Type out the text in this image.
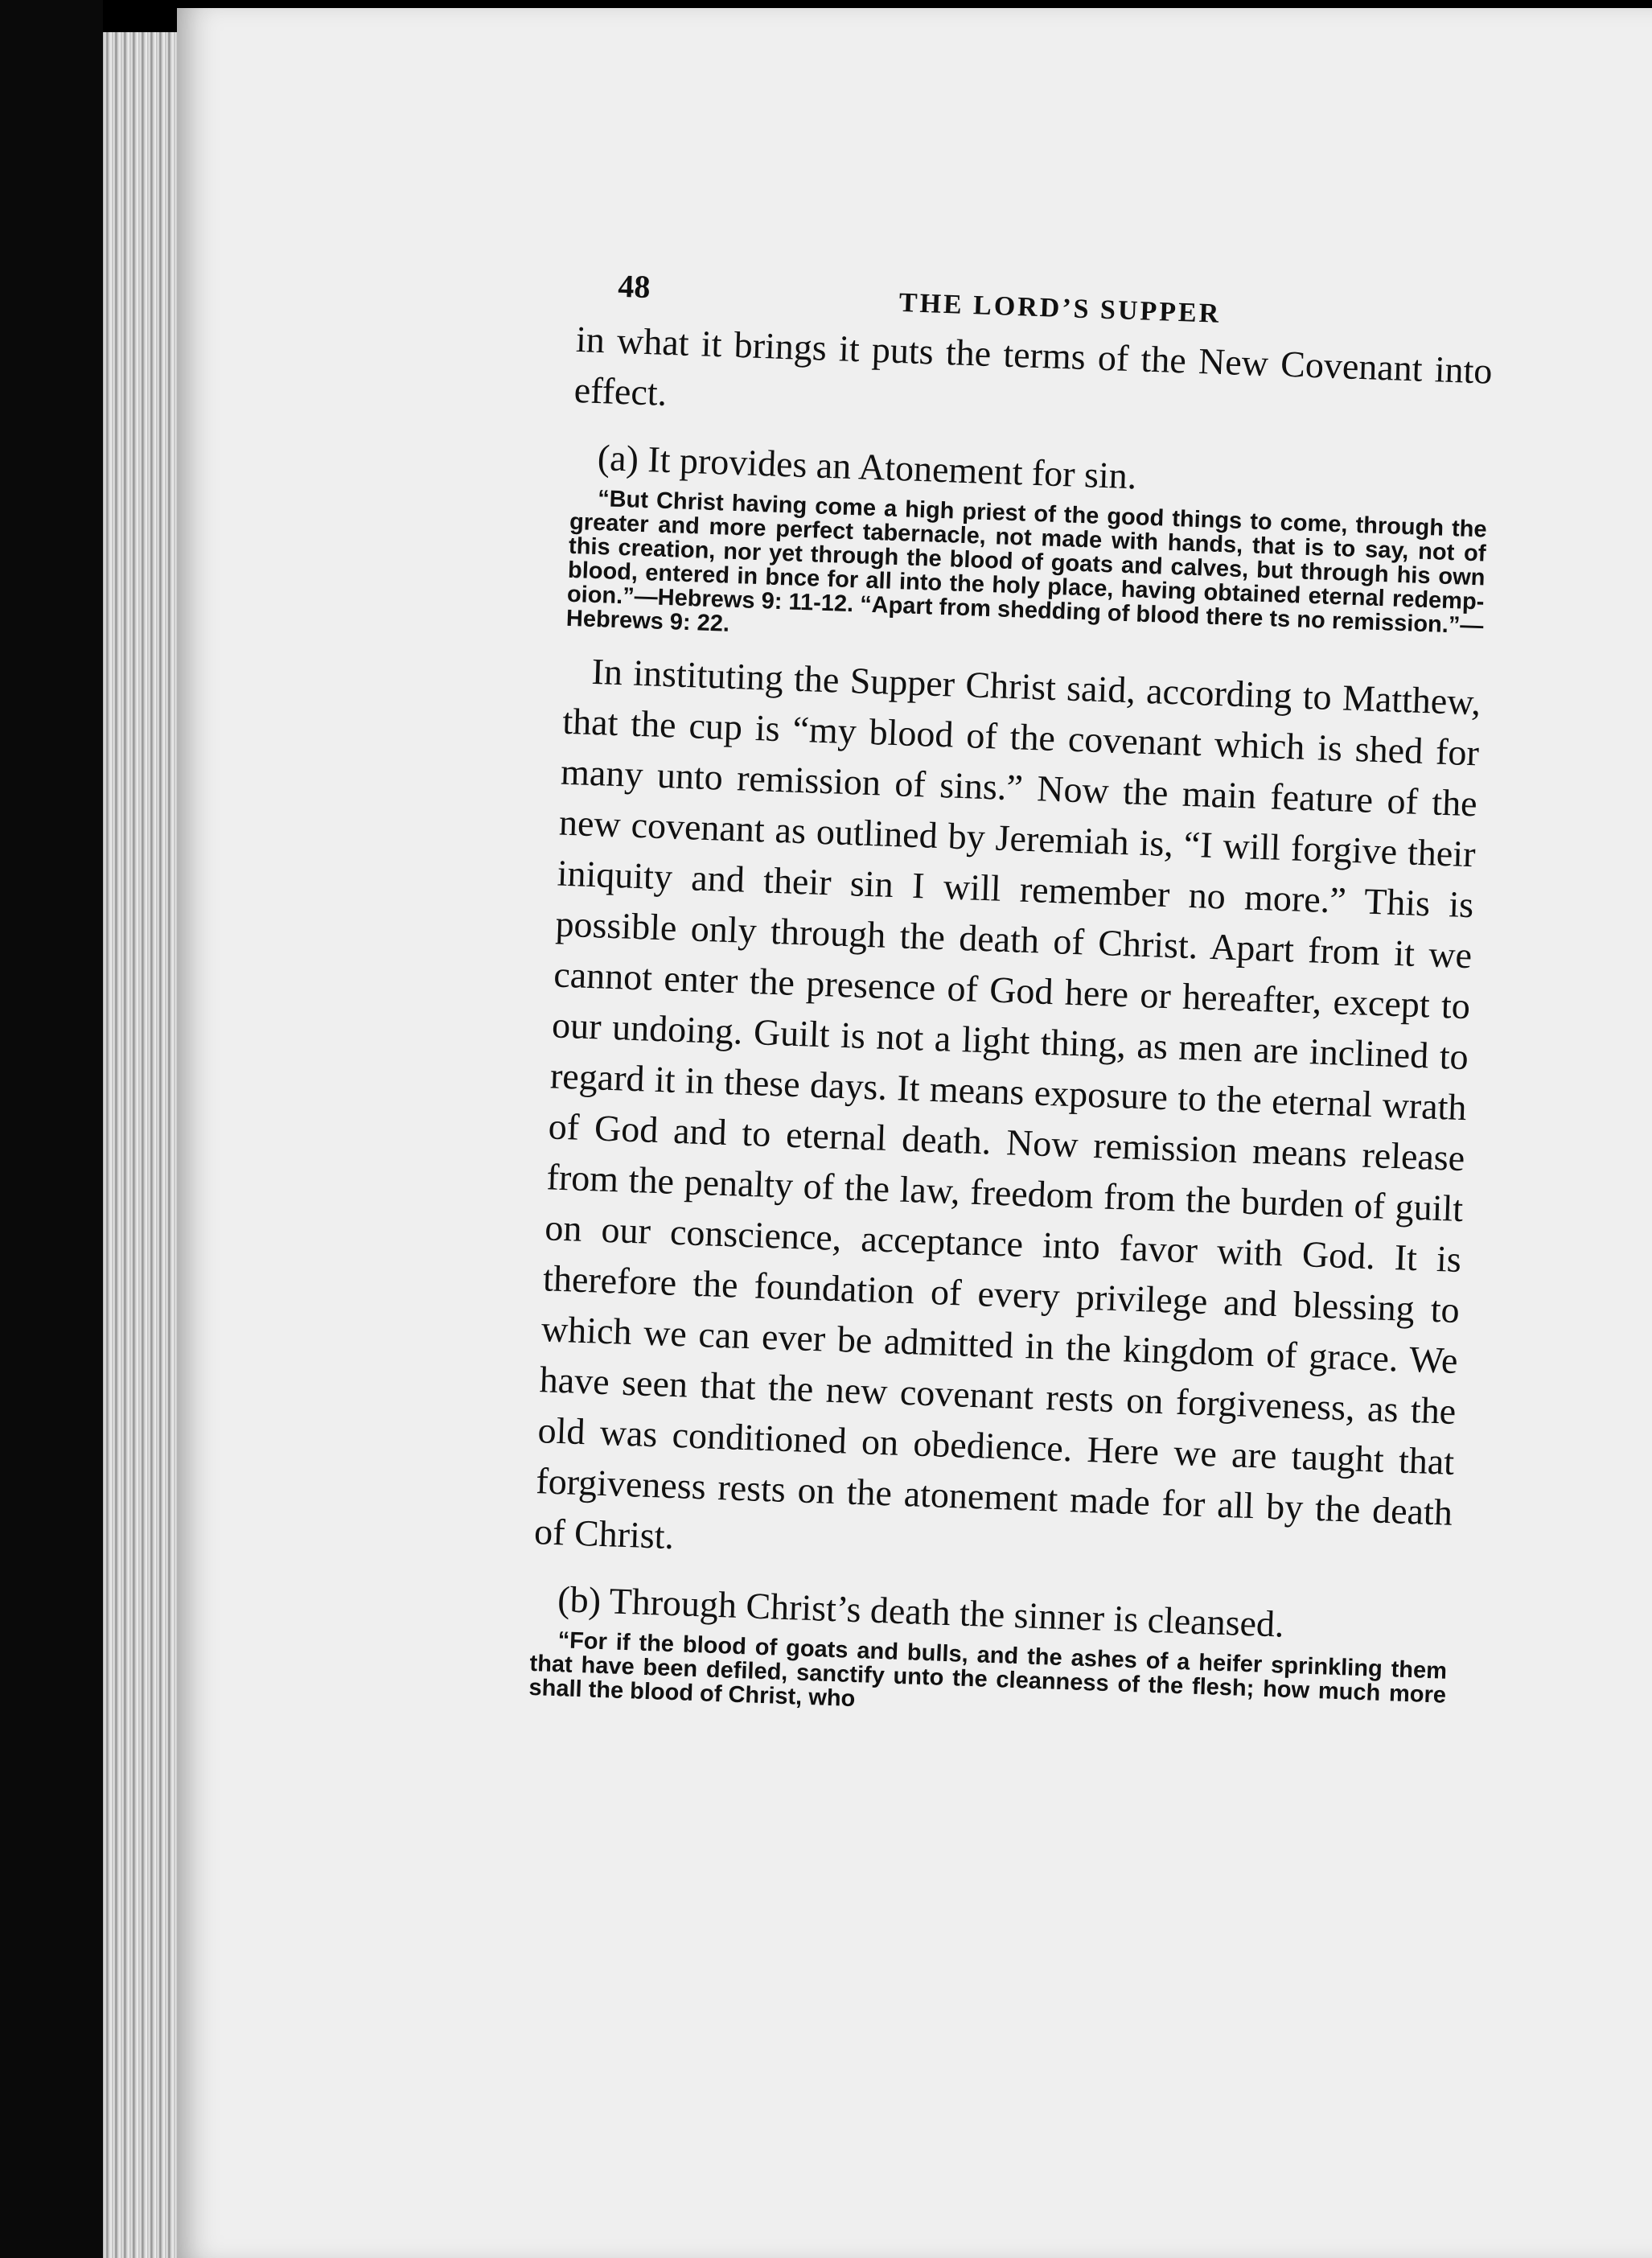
48
THE LORD’S SUPPER

in what it brings it puts the terms of the New Covenant into effect.

(a) It provides an Atonement for sin.

“But Christ having come a high priest of the good things to come, through the greater and more perfect tabernacle, not made with hands, that is to say, not of this creation, nor yet through the blood of goats and calves, but through his own blood, entered in bnce for all into the holy place, having obtained eternal redemp-oion.”—Hebrews 9: 11-12. “Apart from shedding of blood there ts no remission.”—Hebrews 9: 22.

In instituting the Supper Christ said, according to Matthew, that the cup is “my blood of the covenant which is shed for many unto remission of sins.” Now the main feature of the new covenant as outlined by Jeremiah is, “I will forgive their iniquity and their sin I will remember no more.” This is possible only through the death of Christ. Apart from it we cannot enter the presence of God here or hereafter, except to our undoing. Guilt is not a light thing, as men are inclined to regard it in these days. It means exposure to the eternal wrath of God and to eternal death. Now remission means release from the penalty of the law, freedom from the burden of guilt on our conscience, acceptance into favor with God. It is therefore the foundation of every privilege and blessing to which we can ever be admitted in the kingdom of grace. We have seen that the new covenant rests on forgiveness, as the old was conditioned on obedience. Here we are taught that forgiveness rests on the atonement made for all by the death of Christ.

(b) Through Christ’s death the sinner is cleansed.

“For if the blood of goats and bulls, and the ashes of a heifer sprinkling them that have been defiled, sanctify unto the cleanness of the flesh; how much more shall the blood of Christ, who
